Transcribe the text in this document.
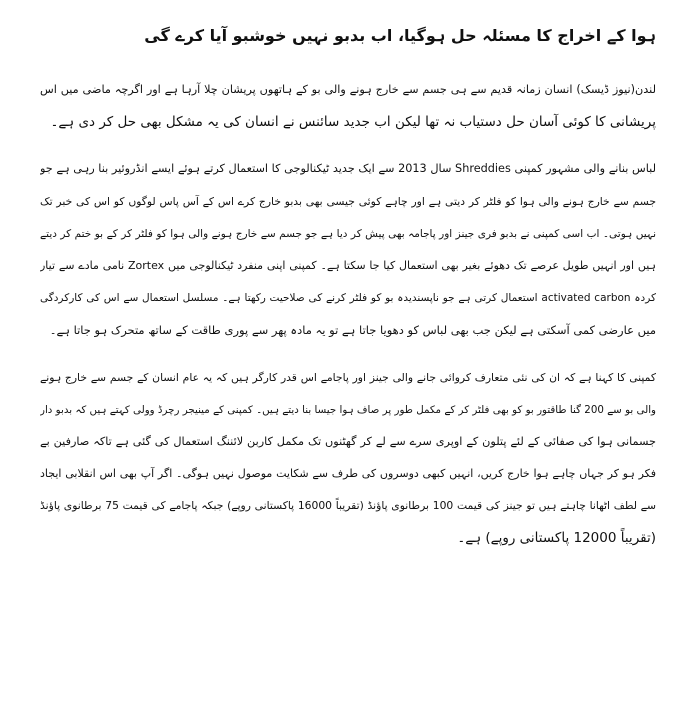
ہوا کے اخراج کا مسئلہ حل ہوگیا، اب بدبو نہیں خوشبو آیا کرے گی
لندن(نیوز ڈیسک) انسان زمانہ قدیم سے ہی جسم سے خارج ہونے والی بو کے ہاتھوں پریشان چلا آرہا ہے اور اگرچہ ماضی میں اس
پریشانی کا کوئی آسان حل دستیاب نہ تھا لیکن اب جدید سائنس نے انسان کی یہ مشکل بھی حل کر دی ہے۔
لباس بنانے والی مشہور کمپنی Shreddies سال 2013 سے ایک جدید ٹیکنالوجی کا استعمال کرتے ہوئے ایسے انڈروئیر بنا رہی ہے جو
جسم سے خارج ہونے والی ہوا کو فلٹر کر دیتی ہے اور چاہے کوئی جیسی بھی بدبو خارج کرے اس کے آس پاس لوگوں کو اس کی خبر تک
نہیں ہوتی۔ اب اسی کمپنی نے بدبو فری جینز اور پاجامہ بھی پیش کر دیا ہے جو جسم سے خارج ہونے والی ہوا کو فلٹر کر کے بو ختم کر دیتے
ہیں اور انہیں طویل عرصے تک دھوئے بغیر بھی استعمال کیا جا سکتا ہے۔ کمپنی اپنی منفرد ٹیکنالوجی میں Zortex نامی مادے سے تیار
کردہ activated carbon استعمال کرتی ہے جو ناپسندیدہ بو کو فلٹر کرنے کی صلاحیت رکھتا ہے۔ مسلسل استعمال سے اس کی کارکردگی
میں عارضی کمی آسکتی ہے لیکن جب بھی لباس کو دھویا جاتا ہے تو یہ مادہ پھر سے پوری طاقت کے ساتھ متحرک ہو جاتا ہے۔
کمپنی کا کہنا ہے کہ ان کی نئی متعارف کروائی جانے والی جینز اور پاجامے اس قدر کارگر ہیں کہ یہ عام انسان کے جسم سے خارج ہونے
والی بو سے 200 گنا طاقتور بو کو بھی فلٹر کر کے مکمل طور پر صاف ہوا جیسا بنا دیتے ہیں۔ کمپنی کے مینیجر رچرڈ وولی کہتے ہیں کہ بدبو دار
جسمانی ہوا کی صفائی کے لئے پتلون کے اوپری سرے سے لے کر گھٹنوں تک مکمل کاربن لائننگ استعمال کی گئی ہے تاکہ صارفین بے
فکر ہو کر جہاں چاہے ہوا خارج کریں، انہیں کبھی دوسروں کی طرف سے شکایت موصول نہیں ہوگی۔ اگر آپ بھی اس انقلابی ایجاد
سے لطف اٹھانا چاہتے ہیں تو جینز کی قیمت 100 برطانوی پاؤنڈ (تقریباً 16000 پاکستانی روپے) جبکہ پاجامے کی قیمت 75 برطانوی پاؤنڈ
(تقریباً 12000 پاکستانی روپے) ہے۔
